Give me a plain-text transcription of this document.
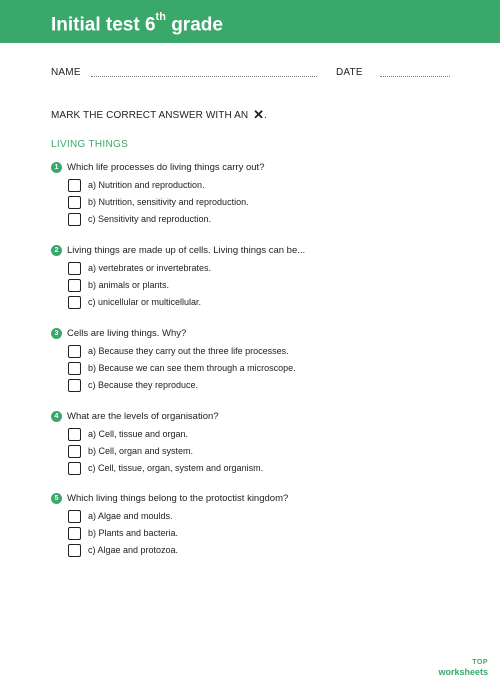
Initial test 6th grade
NAME	DATE
MARK THE CORRECT ANSWER WITH AN ✕.
LIVING THINGS
1 Which life processes do living things carry out?
a) Nutrition and reproduction.
b) Nutrition, sensitivity and reproduction.
c) Sensitivity and reproduction.
2 Living things are made up of cells. Living things can be...
a) vertebrates or invertebrates.
b) animals or plants.
c) unicellular or multicellular.
3 Cells are living things. Why?
a) Because they carry out the three life processes.
b) Because we can see them through a microscope.
c) Because they reproduce.
4 What are the levels of organisation?
a) Cell, tissue and organ.
b) Cell, organ and system.
c) Cell, tissue, organ, system and organism.
5 Which living things belong to the protoctist kingdom?
a) Algae and moulds.
b) Plants and bacteria.
c) Algae and protozoa.
TOP
worksheets
